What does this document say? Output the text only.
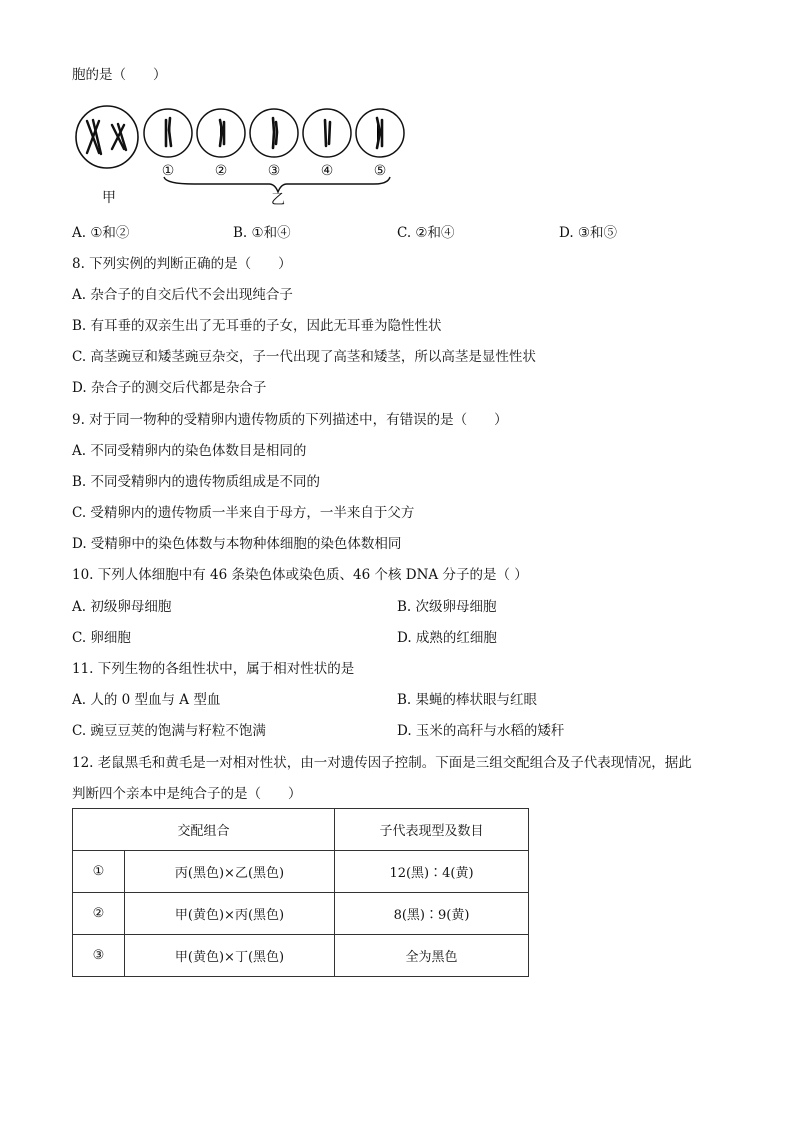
胞的是（　　）
①	②	③	④	⑤
甲	乙
A. ①和②	B. ①和④	C. ②和④	D. ③和⑤
8. 下列实例的判断正确的是（　　）
A. 杂合子的自交后代不会出现纯合子
B. 有耳垂的双亲生出了无耳垂的子女，因此无耳垂为隐性性状
C. 高茎豌豆和矮茎豌豆杂交，子一代出现了高茎和矮茎，所以高茎是显性性状
D. 杂合子的测交后代都是杂合子
9. 对于同一物种的受精卵内遗传物质的下列描述中，有错误的是（　　）
A. 不同受精卵内的染色体数目是相同的
B. 不同受精卵内的遗传物质组成是不同的
C. 受精卵内的遗传物质一半来自于母方，一半来自于父方
D. 受精卵中的染色体数与本物种体细胞的染色体数相同
10. 下列人体细胞中有 46 条染色体或染色质、46 个核 DNA 分子的是（ ）
A. 初级卵母细胞	B. 次级卵母细胞
C. 卵细胞	D. 成熟的红细胞
11. 下列生物的各组性状中，属于相对性状的是
A. 人的 0 型血与 A 型血	B. 果蝇的棒状眼与红眼
C. 豌豆豆荚的饱满与籽粒不饱满	D. 玉米的高秆与水稻的矮秆
12. 老鼠黑毛和黄毛是一对相对性状，由一对遗传因子控制。下面是三组交配组合及子代表现情况，据此
判断四个亲本中是纯合子的是（　　）
交配组合		子代表现型及数目
①	丙(黑色)×乙(黑色)	12(黑)∶4(黄)
②	甲(黄色)×丙(黑色)	8(黑)∶9(黄)
③	甲(黄色)×丁(黑色)	全为黑色
